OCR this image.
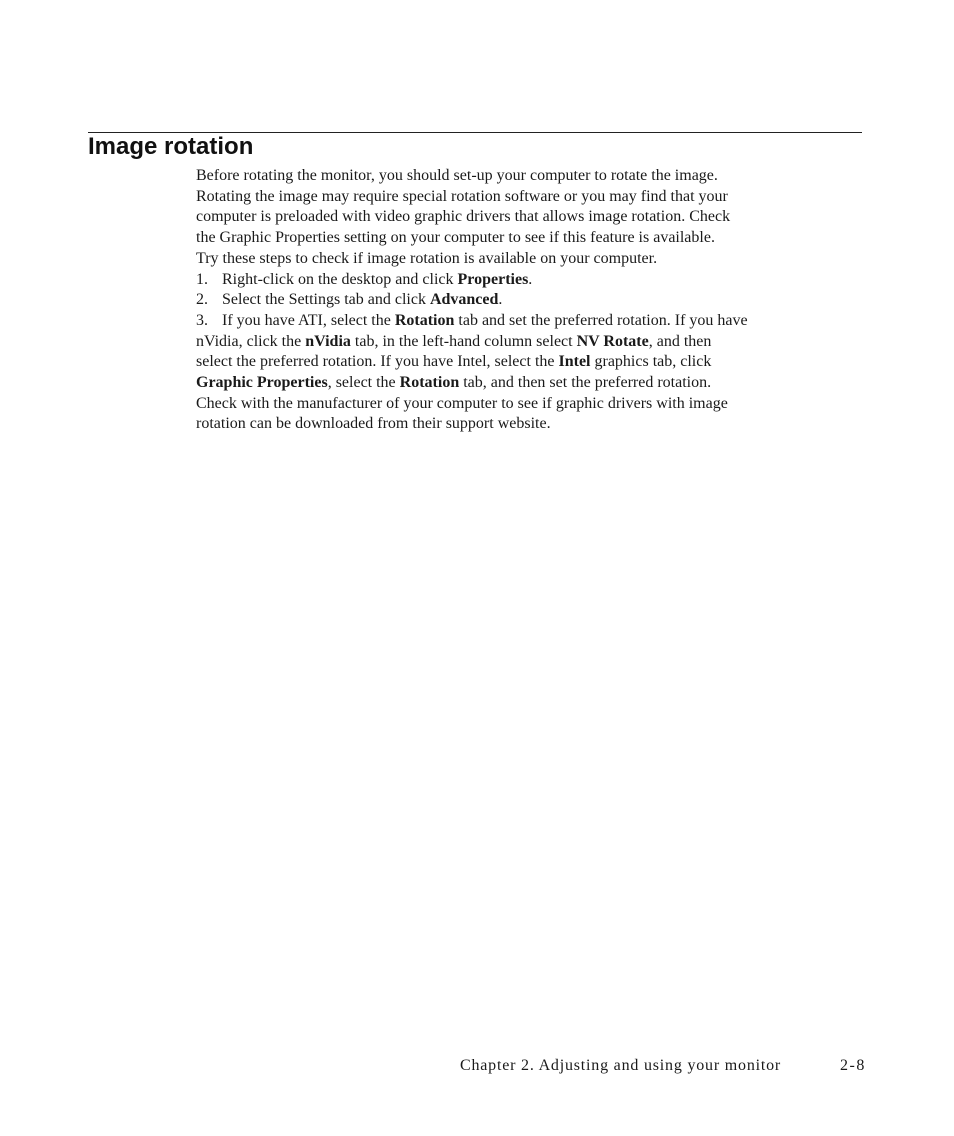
Image rotation
Before rotating the monitor, you should set-up your computer to rotate the image.
Rotating the image may require special rotation software or you may find that your
computer is preloaded with video graphic drivers that allows image rotation. Check
the Graphic Properties setting on your computer to see if this feature is available.
Try these steps to check if image rotation is available on your computer.
1. Right-click on the desktop and click Properties.
2. Select the Settings tab and click Advanced.
3. If you have ATI, select the Rotation tab and set the preferred rotation. If you have
nVidia, click the nVidia tab, in the left-hand column select NV Rotate, and then
select the preferred rotation. If you have Intel, select the Intel graphics tab, click
Graphic Properties, select the Rotation tab, and then set the preferred rotation.
Check with the manufacturer of your computer to see if graphic drivers with image
rotation can be downloaded from their support website.
Chapter 2. Adjusting and using your monitor	2-8
